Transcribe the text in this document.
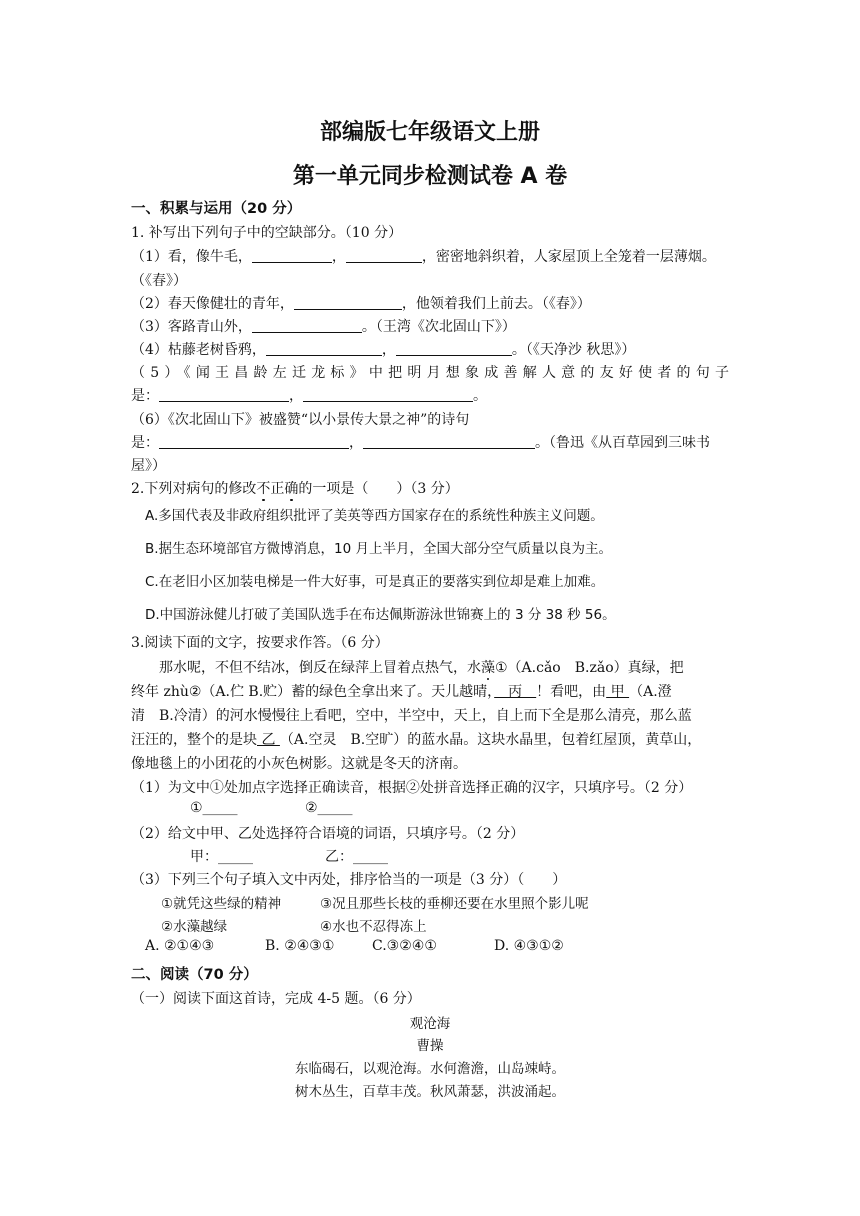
部编版七年级语文上册
第一单元同步检测试卷 A 卷
一、积累与运用（20 分）
1. 补写出下列句子中的空缺部分。（10 分）
（1）看，像牛毛，	，	，密密地斜织着，人家屋顶上全笼着一层薄烟。
（《春》）
（2）春天像健壮的青年，	，他领着我们上前去。（《春》）
（3）客路青山外，	。（王湾《次北固山下》）
（4）枯藤老树昏鸦，	，	。（《天净沙 秋思》）
（5）《闻王昌龄左迁龙标》中把明月想象成善解人意的友好使者的句子
是：	，	。
（6）《次北固山下》被盛赞“以小景传大景之神”的诗句
是：	，	。（鲁迅《从百草园到三味书
屋》）
2.下列对病句的修改不正确的一项是（　　）（3 分）
A.多国代表及非政府组织批评了美英等西方国家存在的系统性种族主义问题。
B.据生态环境部官方微博消息，10 月上半月，全国大部分空气质量以良为主。
C.在老旧小区加装电梯是一件大好事，可是真正的要落实到位却是难上加难。
D.中国游泳健儿打破了美国队选手在布达佩斯游泳世锦赛上的 3 分 38 秒 56。
3.阅读下面的文字，按要求作答。（6 分）
　　那水呢，不但不结冰，倒反在绿萍上冒着点热气，水藻①（A.cǎo　B.zǎo）真绿，把
终年 zhù②（A.伫 B.贮）蓄的绿色全拿出来了。天儿越晴，　丙　！看吧，由 甲 （A.澄
清　B.冷清）的河水慢慢往上看吧，空中，半空中，天上，自上而下全是那么清亮，那么蓝
汪汪的，整个的是块 乙 （A.空灵　B.空旷）的蓝水晶。这块水晶里，包着红屋顶，黄草山，
像地毯上的小团花的小灰色树影。这就是冬天的济南。
（1）为文中①处加点字选择正确读音，根据②处拼音选择正确的汉字，只填序号。（2 分）
①_____	②_____
（2）给文中甲、乙处选择符合语境的词语，只填序号。（2 分）
甲：_____	乙：_____
（3）下列三个句子填入文中丙处，排序恰当的一项是（3 分）（　　）
①就凭这些绿的精神	③况且那些长枝的垂柳还要在水里照个影儿呢
②水藻越绿	④水也不忍得冻上
A. ②①④③	B. ②④③①	C.③②④①	D. ④③①②
二、阅读（70 分）
（一）阅读下面这首诗，完成 4-5 题。（6 分）
观沧海
曹操
东临碣石，以观沧海。水何澹澹，山岛竦峙。
树木丛生，百草丰茂。秋风萧瑟，洪波涌起。
